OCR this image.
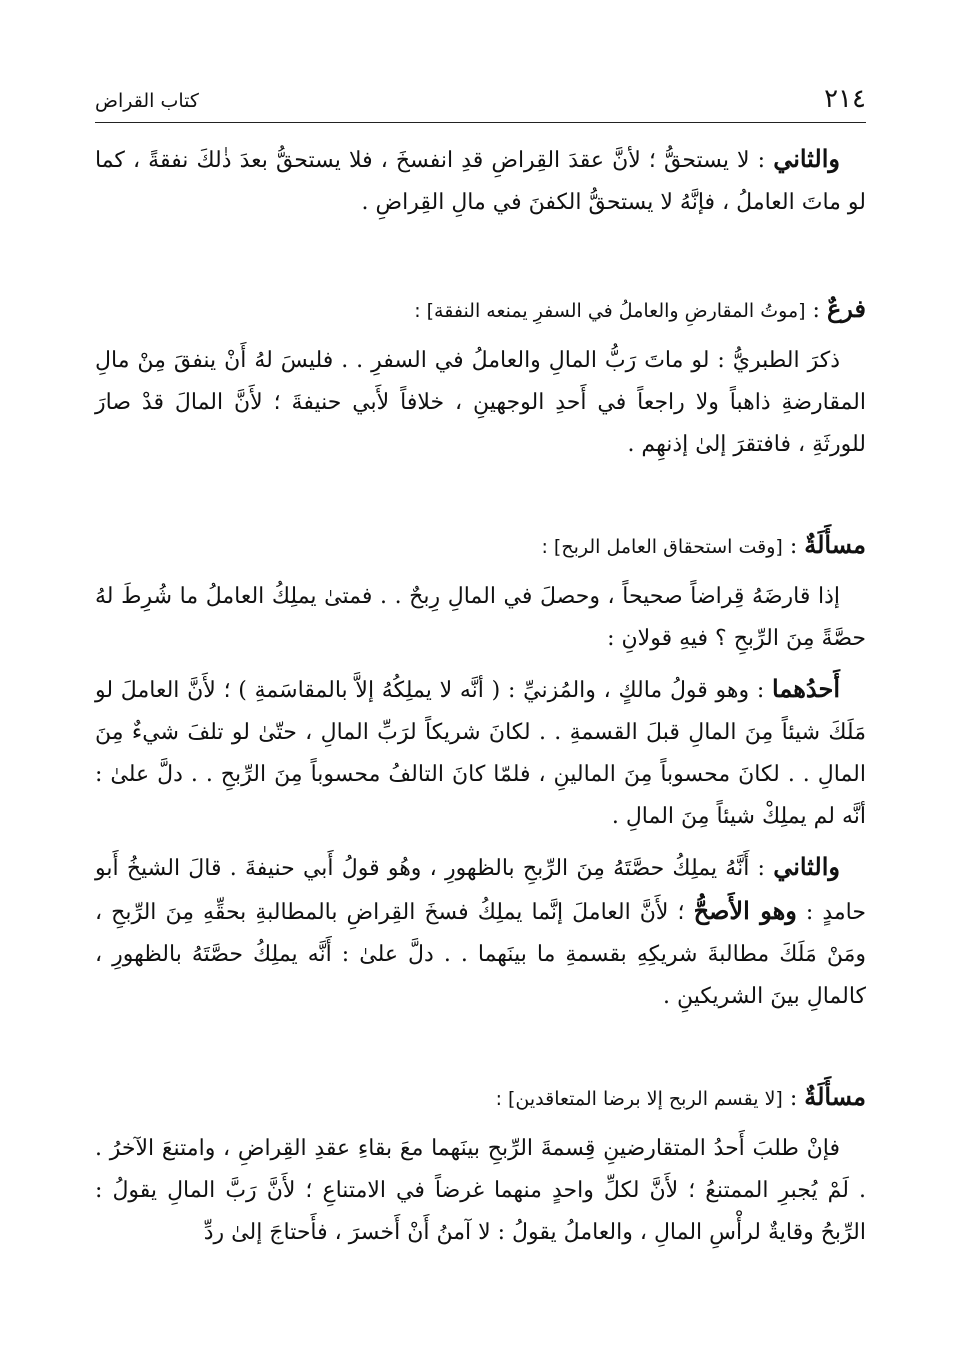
٢١٤
كتاب القراض

والثاني : لا يستحقُّ ؛ لأنَّ عقدَ القِراضِ قدِ انفسخَ ، فلا يستحقُّ بعدَ ذٰلكَ نفقةً ، كما لو ماتَ العاملُ ، فإنَّهُ لا يستحقُّ الكفنَ في مالِ القِراضِ .

فرعٌ : [موتُ المقارضِ والعاملُ في السفرِ يمنعه النفقة] :

ذكرَ الطبريُّ : لو ماتَ رَبُّ المالِ والعاملُ في السفرِ . . فليسَ لهُ أَنْ ينفقَ مِنْ مالِ المقارضةِ ذاهباً ولا راجعاً في أَحدِ الوجهينِ ، خلافاً لأَبي حنيفةَ ؛ لأَنَّ المالَ قدْ صارَ للورثَةِ ، فافتقرَ إلىٰ إذنهِم .

مسأَلَةٌ : [وقت استحقاق العامل الربح] :

إذا قارضَهُ قِراضاً صحيحاً ، وحصلَ في المالِ رِبحٌ . . فمتىٰ يملِكُ العاملُ ما شُرِطَ لهُ حصَّةً مِنَ الرِّبحِ ؟ فيهِ قولانِ :

أَحدُهما : وهو قولُ مالكٍ ، والمُزنيِّ : ( أنَّه لا يملِكُهُ إلاَّ بالمقاسَمةِ ) ؛ لأَنَّ العاملَ لو مَلَكَ شيئاً مِنَ المالِ قبلَ القسمةِ . . لكانَ شريكاً لرَبِّ المالِ ، حتّىٰ لو تلفَ شيءٌ مِنَ المالِ . . لكانَ محسوباً مِنَ المالينِ ، فلمّا كانَ التالفُ محسوباً مِنَ الرِّبحِ . . دلَّ علىٰ : أنَّه لم يملِكْ شيئاً مِنَ المالِ .

والثاني : أَنَّهُ يملِكُ حصَّتَهُ مِنَ الرِّبحِ بالظهورِ ، وهُو قولُ أَبي حنيفةَ . قالَ الشيخُ أَبو حامدٍ : وهو الأَصحُّ ؛ لأَنَّ العاملَ إنَّما يملِكُ فسخَ القِراضِ بالمطالبةِ بحقِّهِ مِنَ الرِّبحِ ، ومَنْ مَلَكَ مطالبةَ شريكِهِ بقسمةِ ما بينَهما . . دلَّ علىٰ : أَنَّه يملِكُ حصَّتَهُ بالظهورِ ، كالمالِ بينَ الشريكينِ .

مسأَلَةٌ : [لا يقسم الربح إلا برضا المتعاقدين] :

فإنْ طلبَ أَحدُ المتقارضينِ قِسمةَ الرِّبحِ بينَهما معَ بقاءِ عقدِ القِراضِ ، وامتنعَ الآخرُ . . لَمْ يُجبرِ الممتنعُ ؛ لأَنَّ لكلِّ واحدٍ منهما غرضاً في الامتناعِ ؛ لأَنَّ رَبَّ المالِ يقولُ : الرِّبحُ وقايةٌ لرأْسِ المالِ ، والعاملُ يقولُ : لا آمنُ أَنْ أَخسرَ ، فأَحتاجَ إلىٰ ردِّ
